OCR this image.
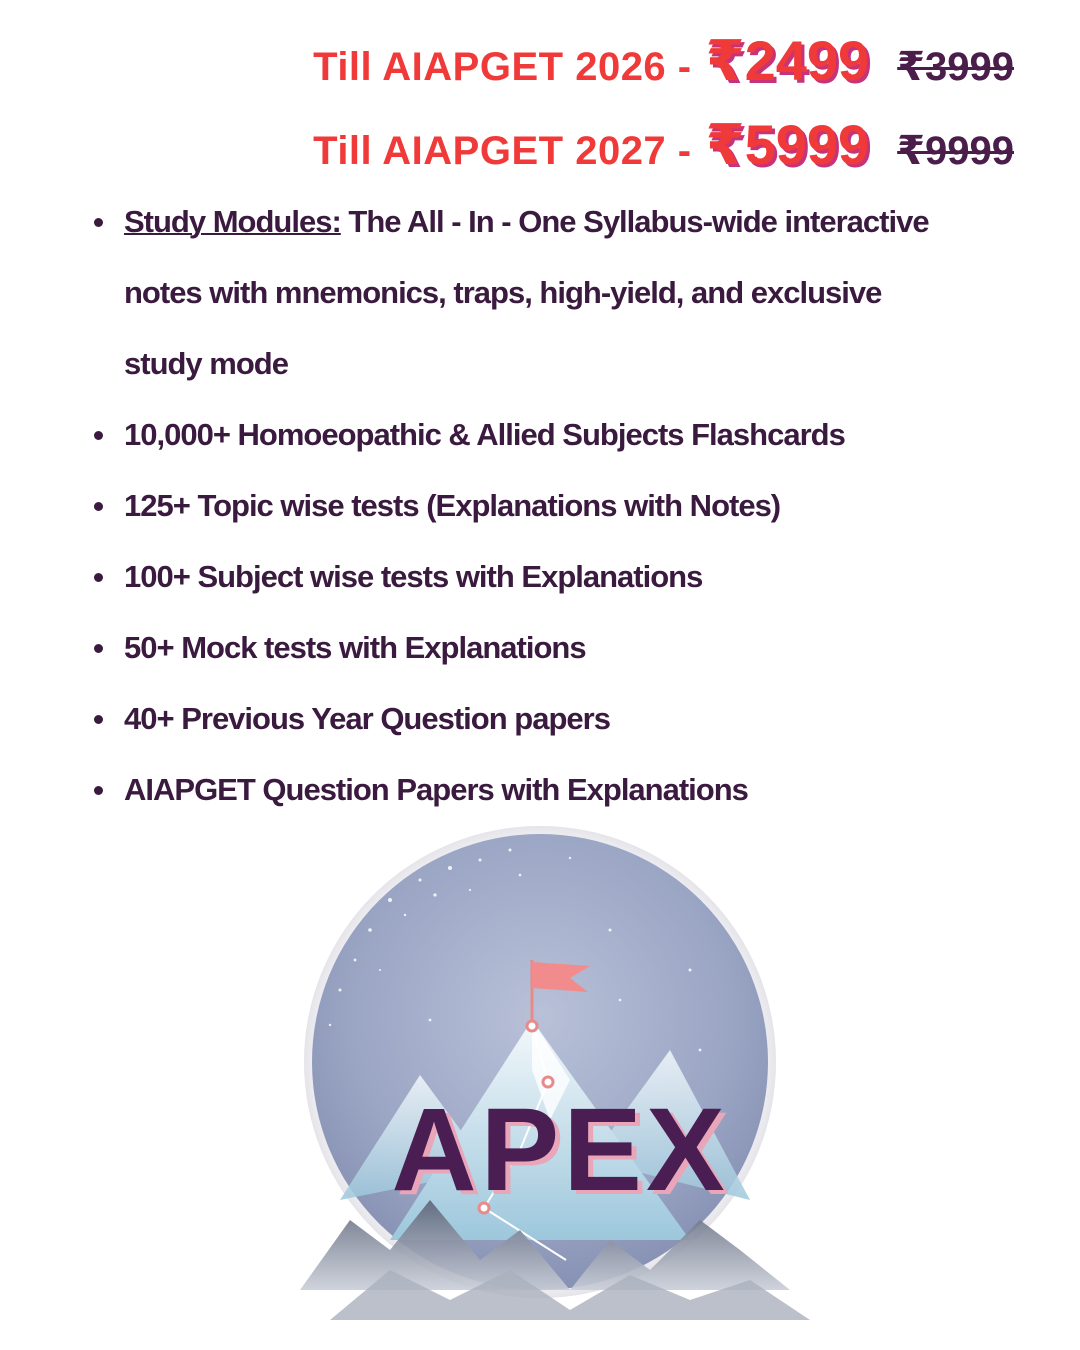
Till AIAPGET 2026 - ₹2499 ₹3999
Till AIAPGET 2027 - ₹5999 ₹9999
Study Modules: The All - In - One Syllabus-wide interactive
notes with mnemonics, traps, high-yield, and exclusive
study mode
10,000+ Homoeopathic & Allied Subjects Flashcards
125+ Topic wise tests (Explanations with Notes)
100+ Subject wise tests with Explanations
50+ Mock tests with Explanations
40+ Previous Year Question papers
AIAPGET Question Papers with Explanations
APEX
